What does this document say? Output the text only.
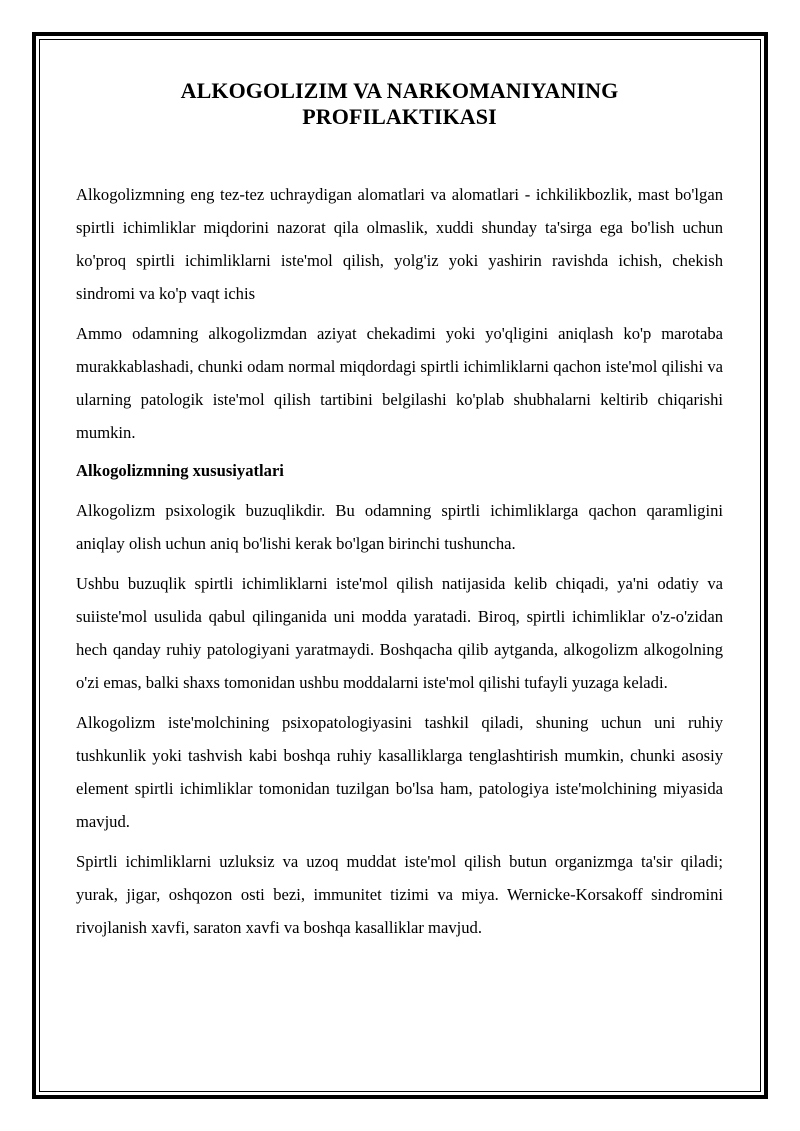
ALKOGOLIZIM VA NARKOMANIYANING
PROFILAKTIKASI

Alkogolizmning eng tez-tez uchraydigan alomatlari va alomatlari - ichkilikbozlik, mast bo'lgan spirtli ichimliklar miqdorini nazorat qila olmaslik, xuddi shunday ta'sirga ega bo'lish uchun ko'proq spirtli ichimliklarni iste'mol qilish, yolg'iz yoki yashirin ravishda ichish, chekish sindromi va ko'p vaqt ichis

Ammo odamning alkogolizmdan aziyat chekadimi yoki yo'qligini aniqlash ko'p marotaba murakkablashadi, chunki odam normal miqdordagi spirtli ichimliklarni qachon iste'mol qilishi va ularning patologik iste'mol qilish tartibini belgilashi ko'plab shubhalarni keltirib chiqarishi mumkin.

Alkogolizmning xususiyatlari

Alkogolizm psixologik buzuqlikdir. Bu odamning spirtli ichimliklarga qachon qaramligini aniqlay olish uchun aniq bo'lishi kerak bo'lgan birinchi tushuncha.

Ushbu buzuqlik spirtli ichimliklarni iste'mol qilish natijasida kelib chiqadi, ya'ni odatiy va suiiste'mol usulida qabul qilinganida uni modda yaratadi. Biroq, spirtli ichimliklar o'z-o'zidan hech qanday ruhiy patologiyani yaratmaydi. Boshqacha qilib aytganda, alkogolizm alkogolning o'zi emas, balki shaxs tomonidan ushbu moddalarni iste'mol qilishi tufayli yuzaga keladi.

Alkogolizm iste'molchining psixopatologiyasini tashkil qiladi, shuning uchun uni ruhiy tushkunlik yoki tashvish kabi boshqa ruhiy kasalliklarga tenglashtirish mumkin, chunki asosiy element spirtli ichimliklar tomonidan tuzilgan bo'lsa ham, patologiya iste'molchining miyasida mavjud.

Spirtli ichimliklarni uzluksiz va uzoq muddat iste'mol qilish butun organizmga ta'sir qiladi; yurak, jigar, oshqozon osti bezi, immunitet tizimi va miya. Wernicke-Korsakoff sindromini rivojlanish xavfi, saraton xavfi va boshqa kasalliklar mavjud.
